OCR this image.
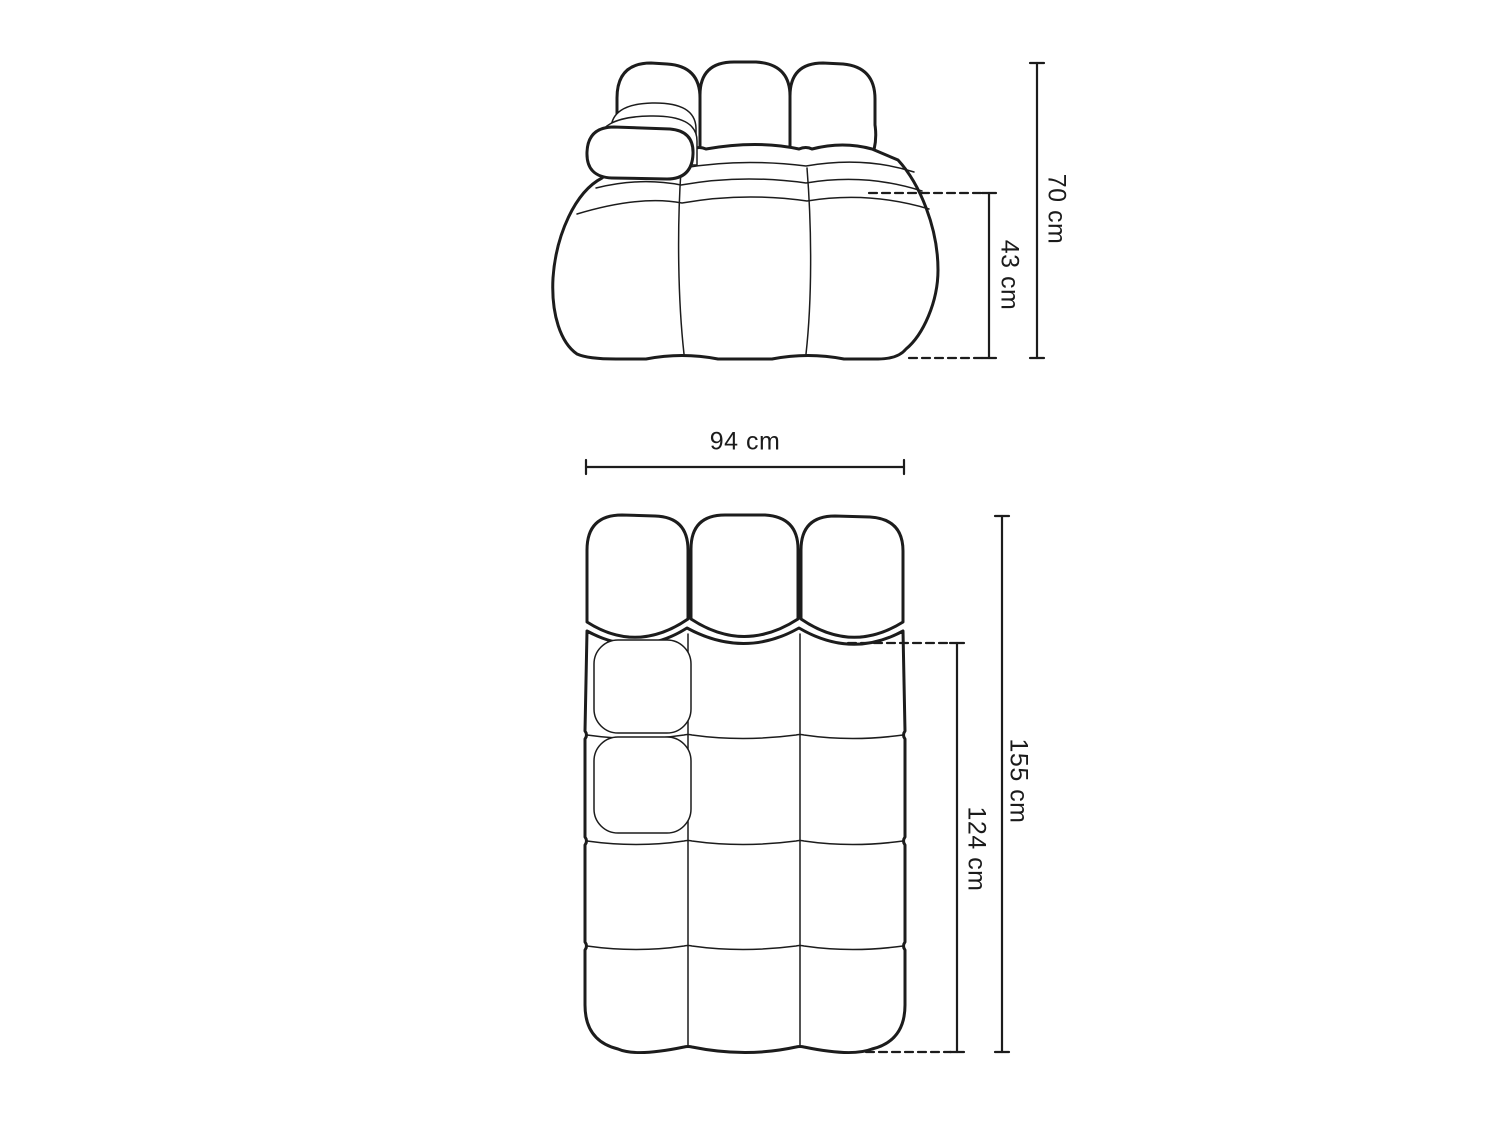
70 cm
43 cm
94 cm
155 cm
124 cm
